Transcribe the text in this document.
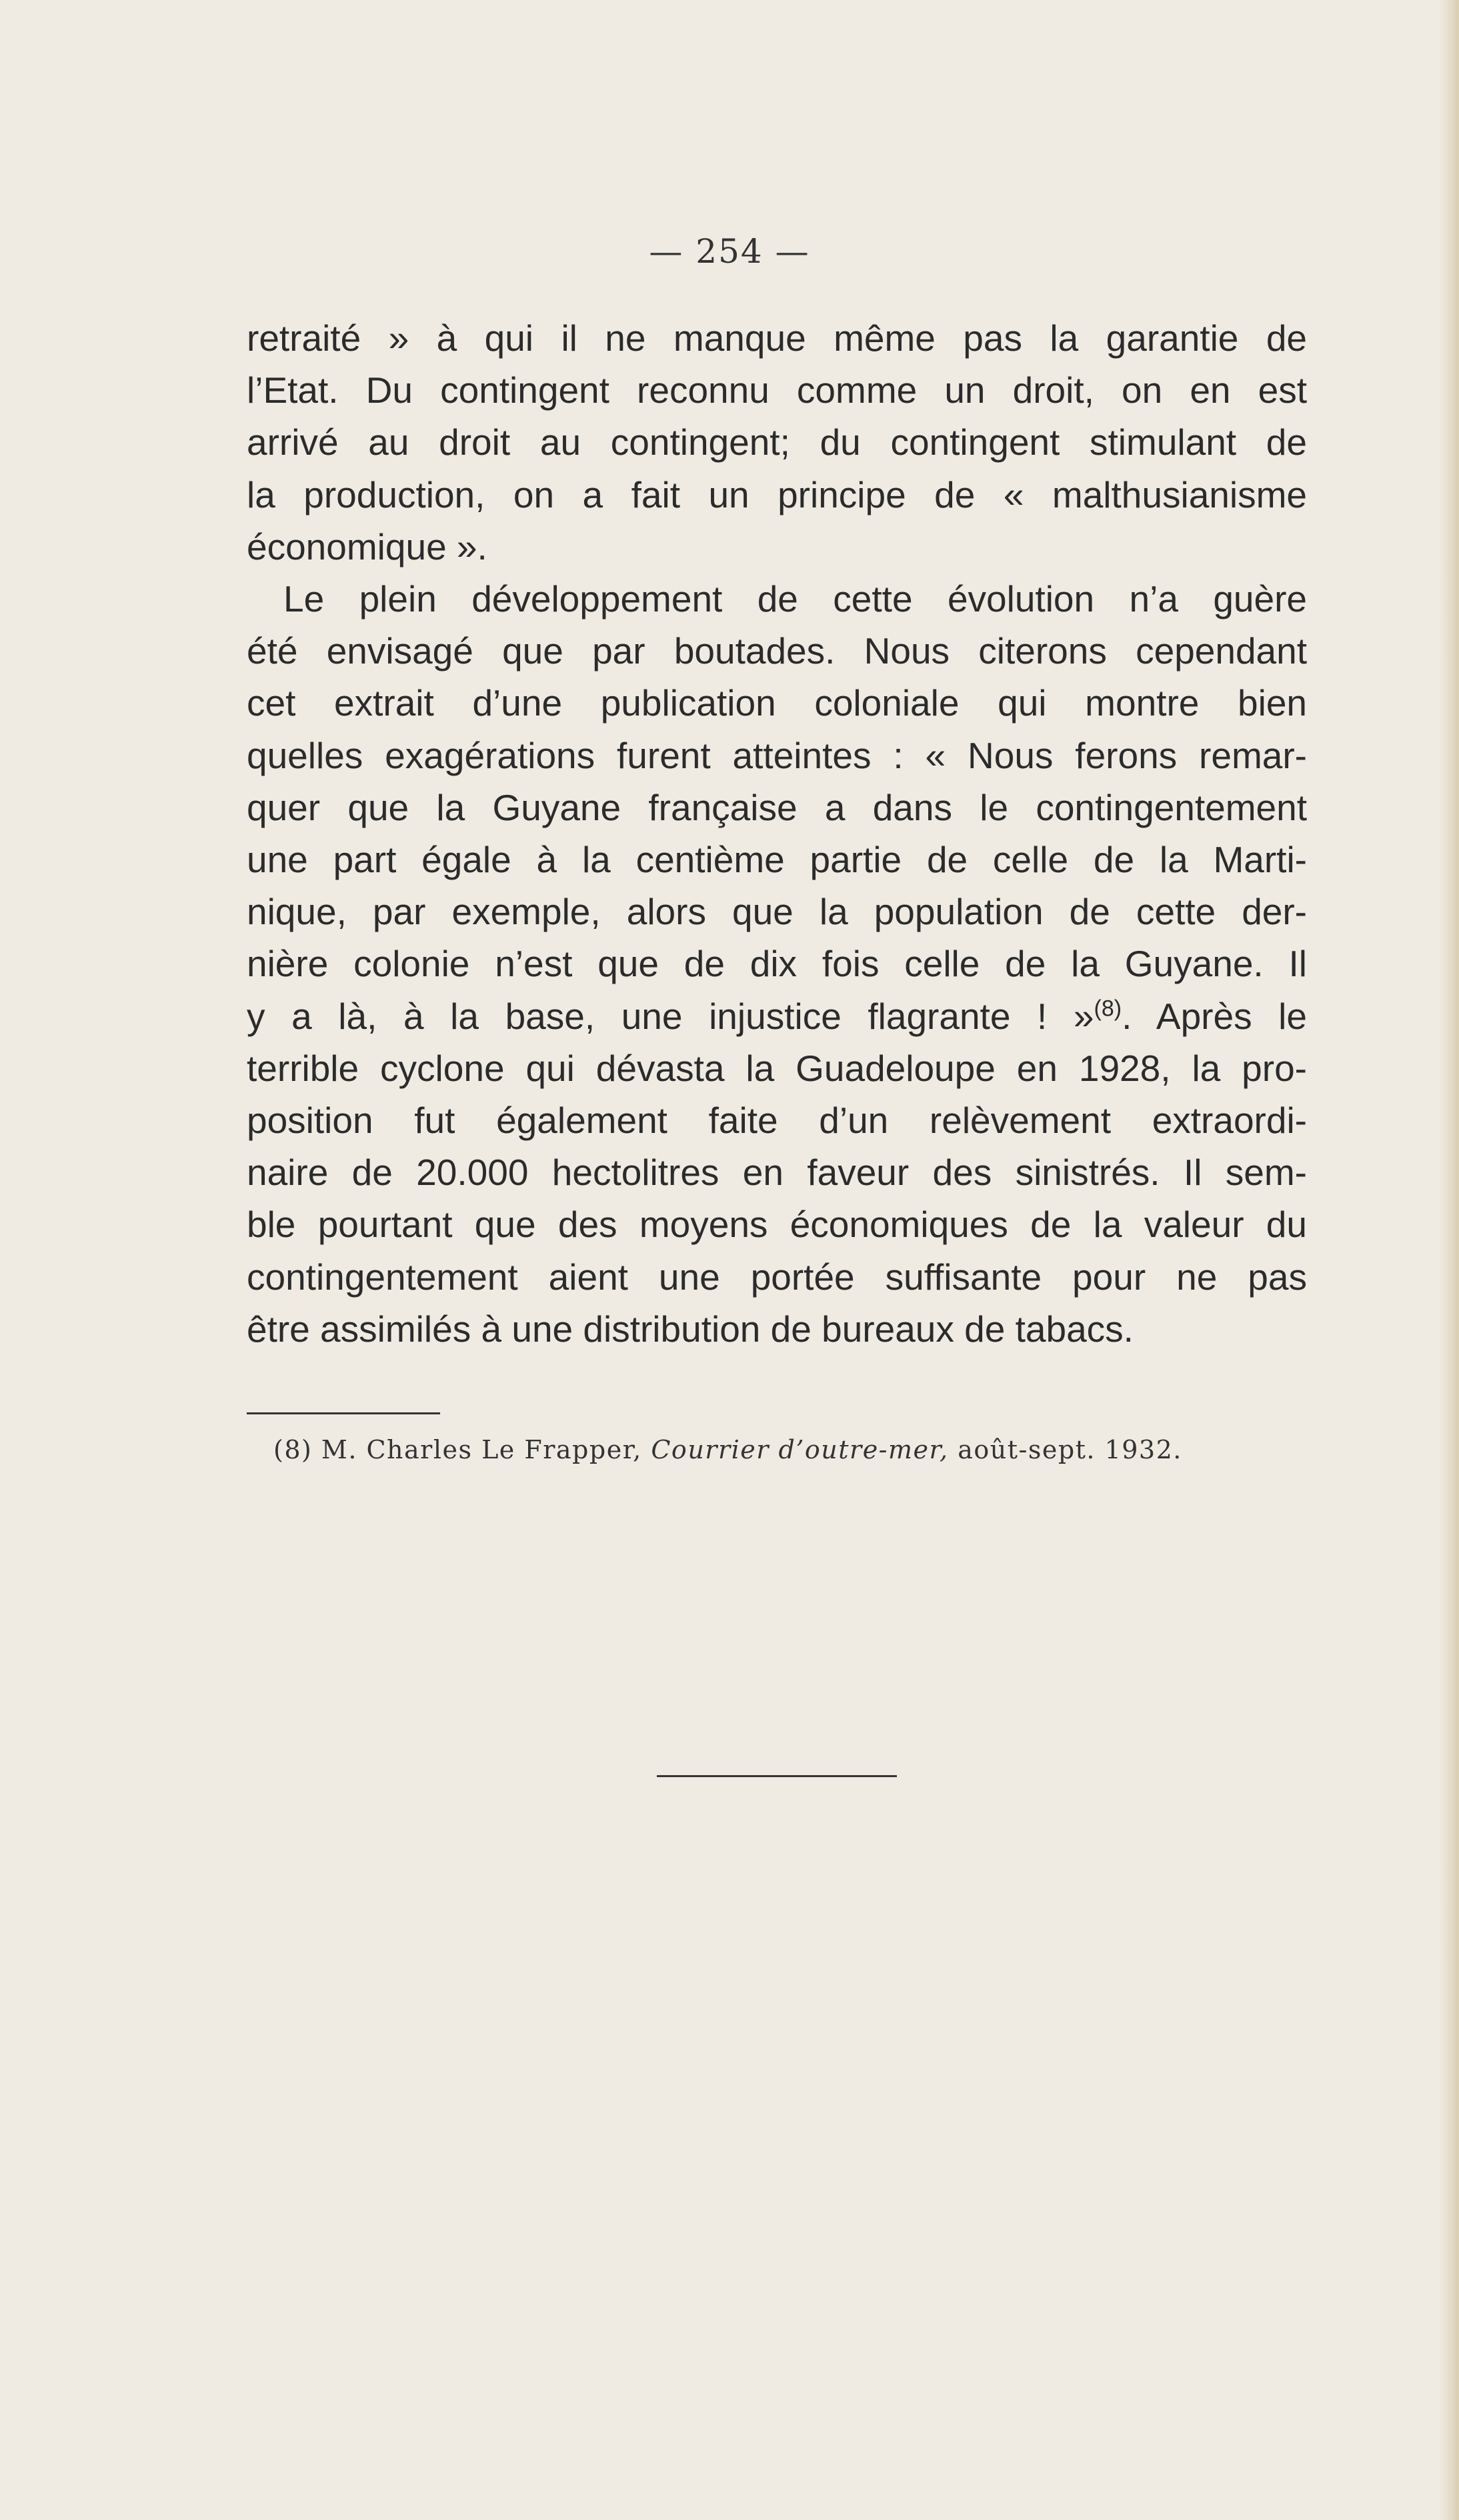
— 254 —
retraité » à qui il ne manque même pas la garantie de
l’Etat. Du contingent reconnu comme un droit, on en est
arrivé au droit au contingent; du contingent stimulant de
la production, on a fait un principe de « malthusianisme
économique ».
Le plein développement de cette évolution n’a guère
été envisagé que par boutades. Nous citerons cependant
cet extrait d’une publication coloniale qui montre bien
quelles exagérations furent atteintes : « Nous ferons remar-
quer que la Guyane française a dans le contingentement
une part égale à la centième partie de celle de la Marti-
nique, par exemple, alors que la population de cette der-
nière colonie n’est que de dix fois celle de la Guyane. Il
y a là, à la base, une injustice flagrante ! »$^{(8)}$. Après le
terrible cyclone qui dévasta la Guadeloupe en 1928, la pro-
position fut également faite d’un relèvement extraordi-
naire de 20.000 hectolitres en faveur des sinistrés. Il sem-
ble pourtant que des moyens économiques de la valeur du
contingentement aient une portée suffisante pour ne pas
être assimilés à une distribution de bureaux de tabacs.
(8) M. Charles Le Frapper, Courrier d’outre-mer, août-sept. 1932.
